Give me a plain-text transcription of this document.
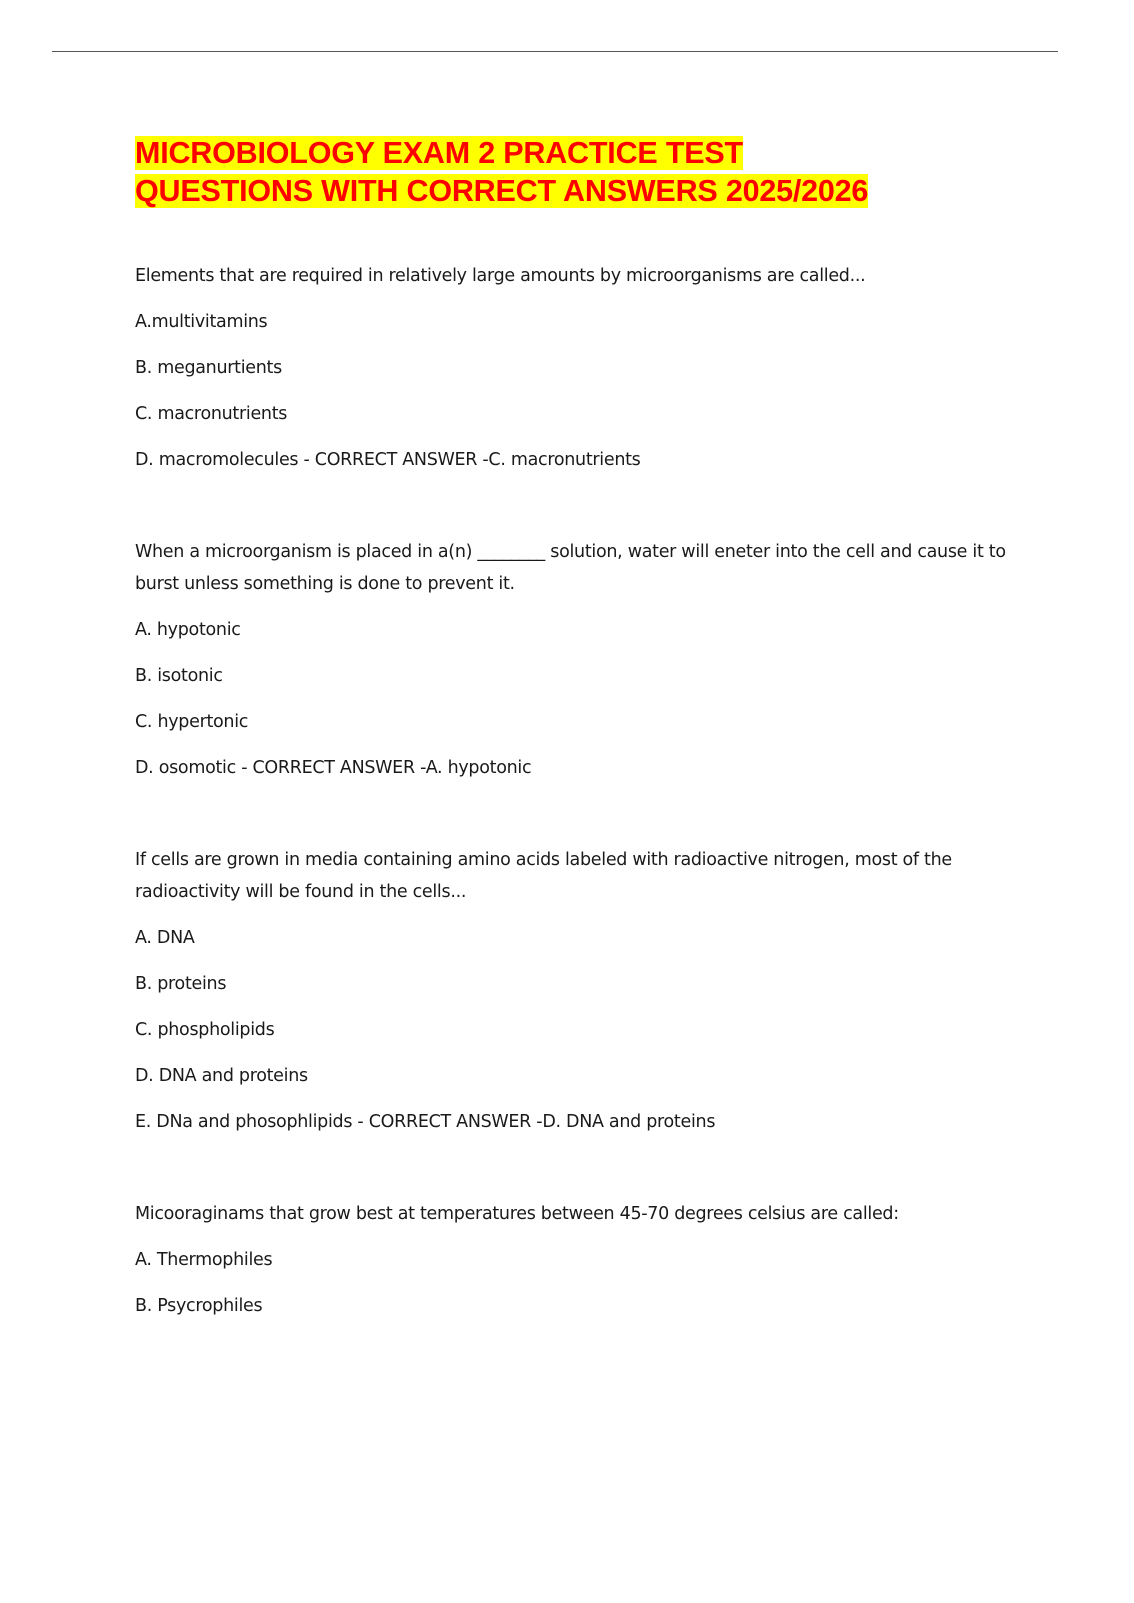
MICROBIOLOGY EXAM 2 PRACTICE TEST
QUESTIONS WITH CORRECT ANSWERS 2025/2026

Elements that are required in relatively large amounts by microorganisms are called...

A.multivitamins

B. meganurtients

C. macronutrients

D. macromolecules - CORRECT ANSWER -C. macronutrients

When a microorganism is placed in a(n) ________ solution, water will eneter into the cell and cause it to burst unless something is done to prevent it.

A. hypotonic

B. isotonic

C. hypertonic

D. osomotic - CORRECT ANSWER -A. hypotonic

If cells are grown in media containing amino acids labeled with radioactive nitrogen, most of the radioactivity will be found in the cells...

A. DNA

B. proteins

C. phospholipids

D. DNA and proteins

E. DNa and phosophlipids - CORRECT ANSWER -D. DNA and proteins

Micooraginams that grow best at temperatures between 45-70 degrees celsius are called:

A. Thermophiles

B. Psycrophiles
